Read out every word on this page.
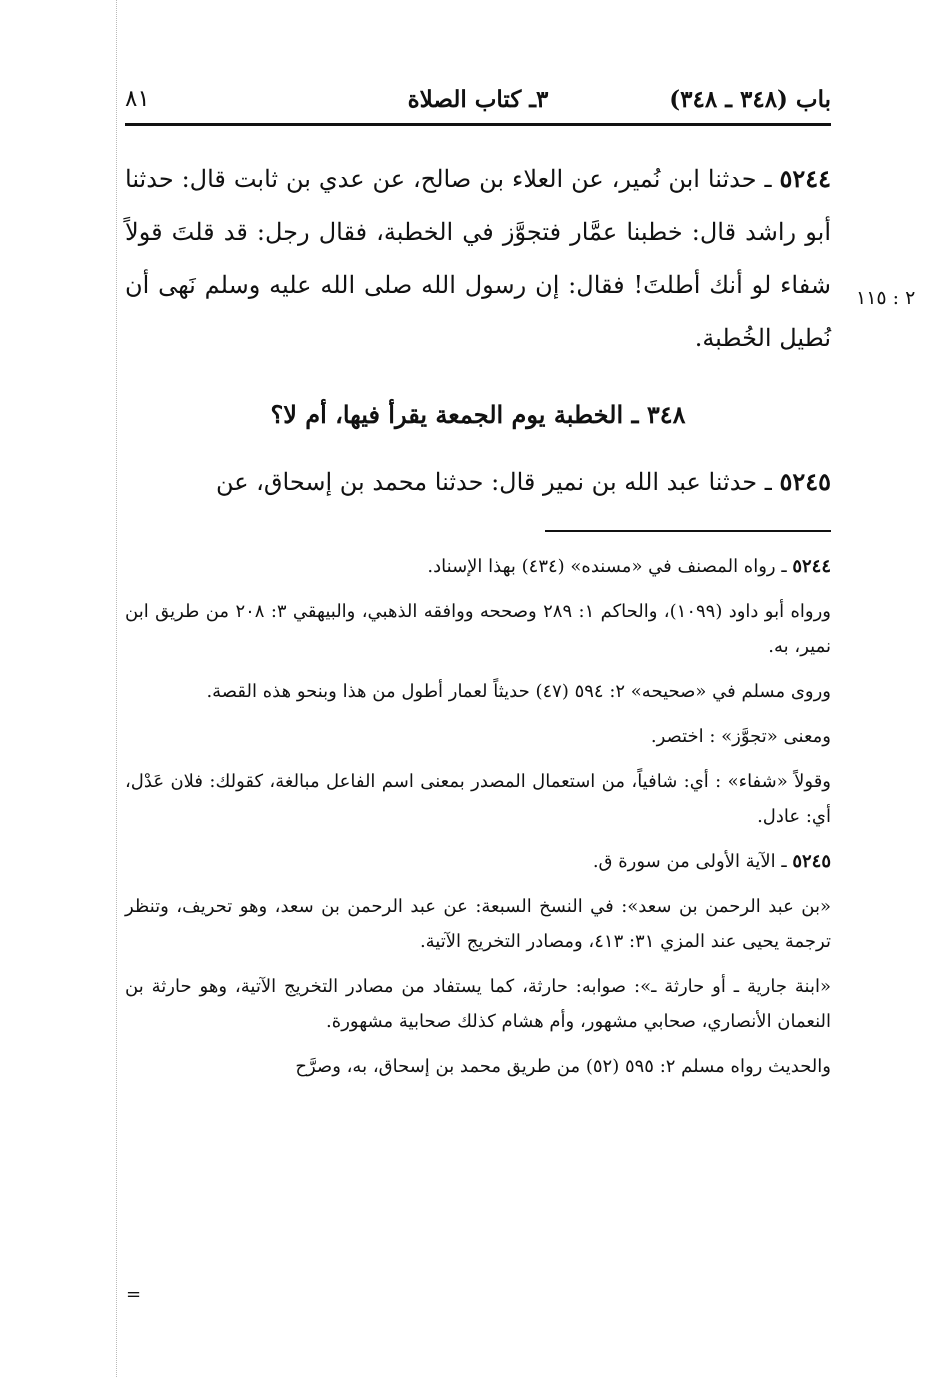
باب (٣٤٨ ـ ٣٤٨)
٣ـ كتاب الصلاة
٨١
٢ : ١١٥

٥٢٤٤ ـ حدثنا ابن نُمير، عن العلاء بن صالح، عن عدي بن ثابت قال: حدثنا أبو راشد قال: خطبنا عمَّار فتجوَّز في الخطبة، فقال رجل: قد قلتَ قولاً شفاء لو أنك أطلتَ! فقال: إن رسول الله صلى الله عليه وسلم نَهى أن نُطيل الخُطبة.

٣٤٨ ـ الخطبة يوم الجمعة يقرأ فيها، أم لا؟

٥٢٤٥ ـ حدثنا عبد الله بن نمير قال: حدثنا محمد بن إسحاق، عن

٥٢٤٤ ـ رواه المصنف في «مسنده» (٤٣٤) بهذا الإسناد.

ورواه أبو داود (١٠٩٩)، والحاكم ١: ٢٨٩ وصححه ووافقه الذهبي، والبيهقي ٣: ٢٠٨ من طريق ابن نمير، به.

وروى مسلم في «صحيحه» ٢: ٥٩٤ (٤٧) حديثاً لعمار أطول من هذا وبنحو هذه القصة.

ومعنى «تجوَّز» : اختصر.

وقولاً «شفاء» : أي: شافياً، من استعمال المصدر بمعنى اسم الفاعل مبالغة، كقولك: فلان عَدْل، أي: عادل.

٥٢٤٥ ـ الآية الأولى من سورة ق.

«بن عبد الرحمن بن سعد»: في النسخ السبعة: عن عبد الرحمن بن سعد، وهو تحريف، وتنظر ترجمة يحيى عند المزي ٣١: ٤١٣، ومصادر التخريج الآتية.

«ابنة جارية ـ أو حارثة ـ»: صوابه: حارثة، كما يستفاد من مصادر التخريج الآتية، وهو حارثة بن النعمان الأنصاري، صحابي مشهور، وأم هشام كذلك صحابية مشهورة.

والحديث رواه مسلم ٢: ٥٩٥ (٥٢) من طريق محمد بن إسحاق، به، وصرَّح

=
